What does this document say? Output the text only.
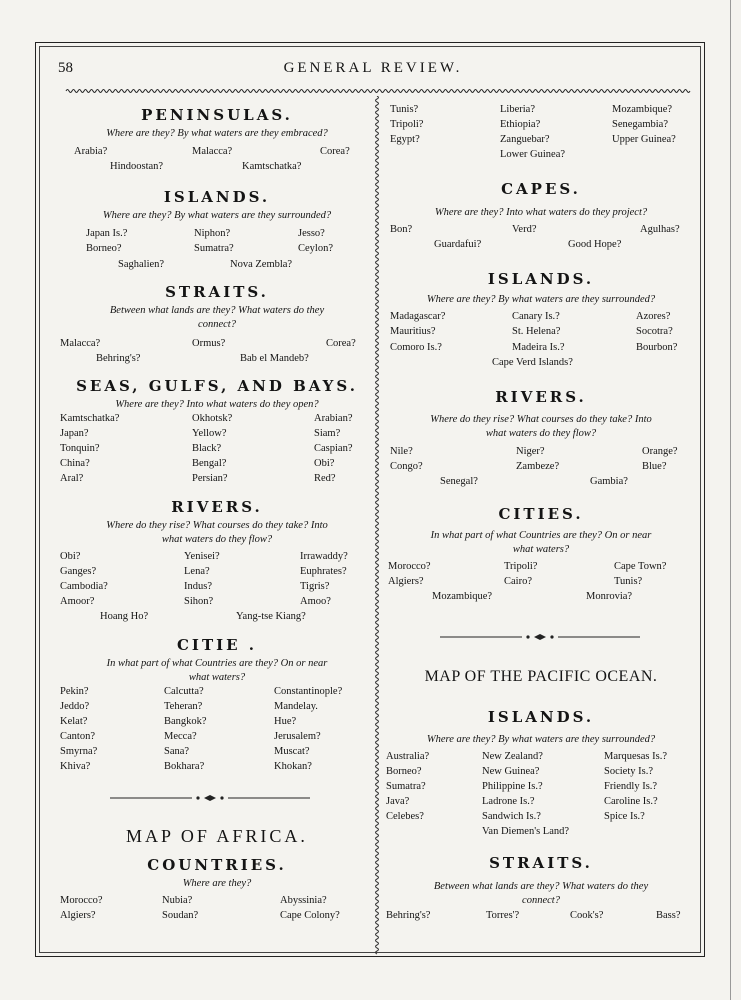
58	GENERAL REVIEW.
PENINSULAS.
Where are they? By what waters are they embraced?
Arabia?	Malacca?	Corea?
Hindoostan?	Kamtschatka?
ISLANDS.
Where are they? By what waters are they surrounded?
Japan Is.?	Niphon?	Jesso?
Borneo?	Sumatra?	Ceylon?
Saghalien?	Nova Zembla?
STRAITS.
Between what lands are they? What waters do they
connect?
Malacca?	Ormus?	Corea?
Behring's?	Bab el Mandeb?
SEAS, GULFS, AND BAYS.
Where are they? Into what waters do they open?
Kamtschatka?	Okhotsk?	Arabian?
Japan?	Yellow?	Siam?
Tonquin?	Black?	Caspian?
China?	Bengal?	Obi?
Aral?	Persian?	Red?
RIVERS.
Where do they rise? What courses do they take? Into
what waters do they flow?
Obi?	Yenisei?	Irrawaddy?
Ganges?	Lena?	Euphrates?
Cambodia?	Indus?	Tigris?
Amoor?	Sihon?	Amoo?
Hoang Ho?	Yang-tse Kiang?
CITIE .
In what part of what Countries are they? On or near
what waters?
Pekin?	Calcutta?	Constantinople?
Jeddo?	Teheran?	Mandelay.
Kelat?	Bangkok?	Hue?
Canton?	Mecca?	Jerusalem?
Smyrna?	Sana?	Muscat?
Khiva?	Bokhara?	Khokan?
MAP OF AFRICA.
COUNTRIES.
Where are they?
Morocco?	Nubia?	Abyssinia?
Algiers?	Soudan?	Cape Colony?
Tunis?	Liberia?	Mozambique?
Tripoli?	Ethiopia?	Senegambia?
Egypt?	Zanguebar?	Upper Guinea?
Lower Guinea?
CAPES.
Where are they? Into what waters do they project?
Bon?	Verd?	Agulhas?
Guardafui?	Good Hope?
ISLANDS.
Where are they? By what waters are they surrounded?
Madagascar?	Canary Is.?	Azores?
Mauritius?	St. Helena?	Socotra?
Comoro Is.?	Madeira Is.?	Bourbon?
Cape Verd Islands?
RIVERS.
Where do they rise? What courses do they take? Into
what waters do they flow?
Nile?	Niger?	Orange?
Congo?	Zambeze?	Blue?
Senegal?	Gambia?
CITIES.
In what part of what Countries are they? On or near
what waters?
Morocco?	Tripoli?	Cape Town?
Algiers?	Cairo?	Tunis?
Mozambique?	Monrovia?
MAP OF THE PACIFIC OCEAN.
ISLANDS.
Where are they? By what waters are they surrounded?
Australia?	New Zealand?	Marquesas Is.?
Borneo?	New Guinea?	Society Is.?
Sumatra?	Philippine Is.?	Friendly Is.?
Java?	Ladrone Is.?	Caroline Is.?
Celebes?	Sandwich Is.?	Spice Is.?
Van Diemen's Land?
STRAITS.
Between what lands are they? What waters do they
connect?
Behring's?	Torres'?	Cook's?	Bass?
